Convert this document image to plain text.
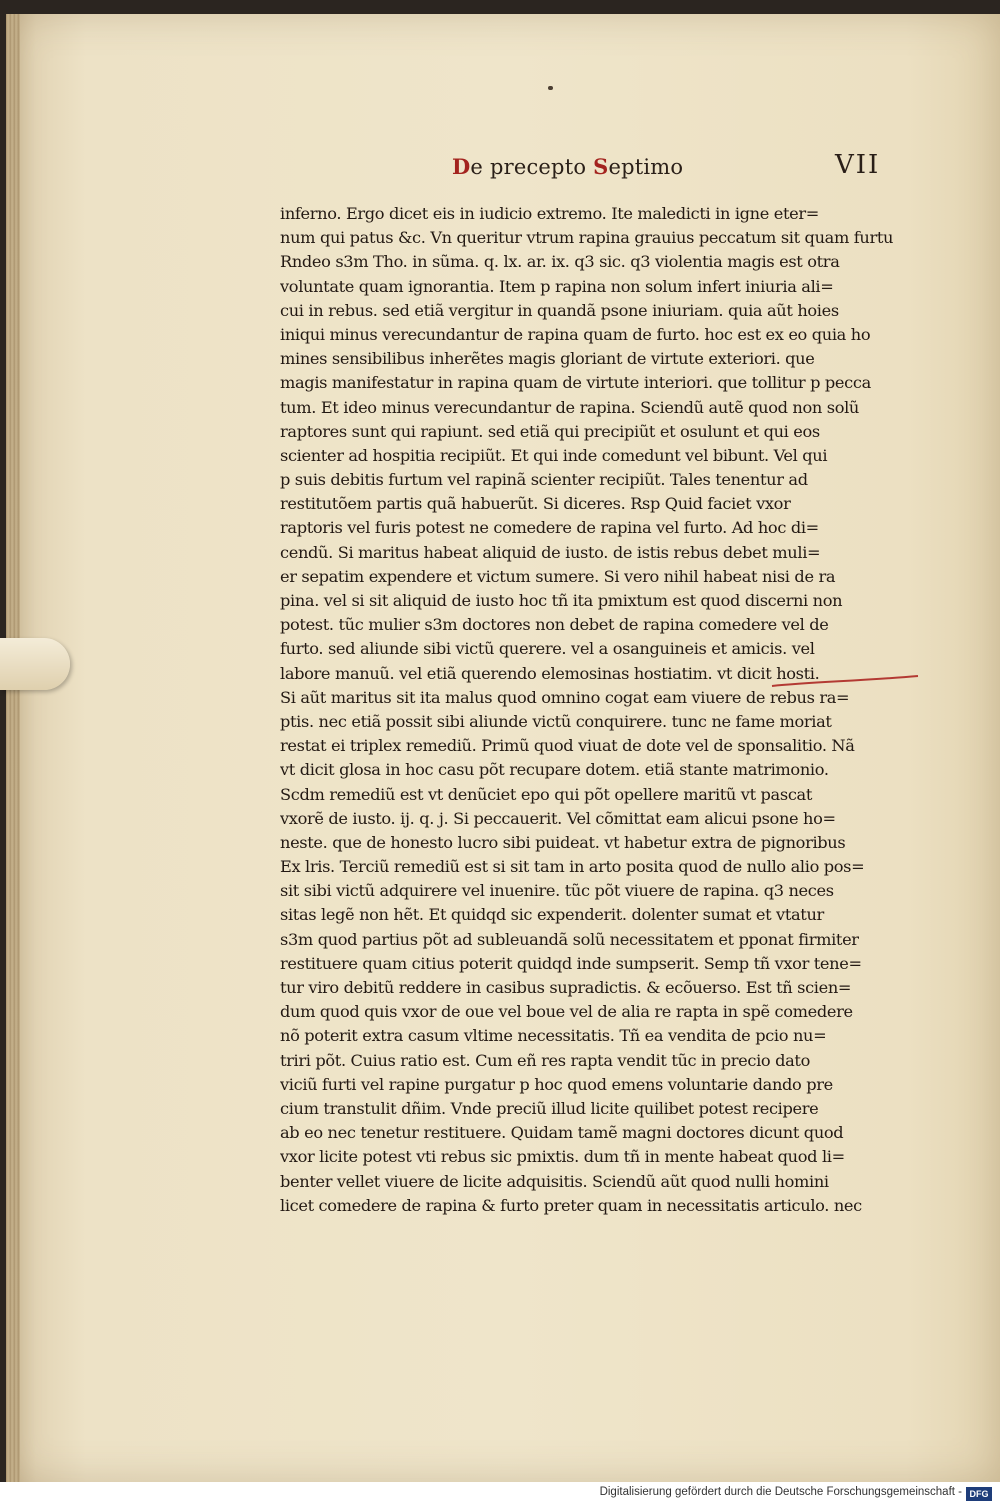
De precepto Septimo	VII
inferno. Ergo dicet eis in iudicio extremo. Ite maledicti in igne eter=
num qui patus &c. Vn queritur vtrum rapina grauius peccatum sit quam furtu
Rndeo s3m Tho. in sũma. q. lx. ar. ix. q3 sic. q3 violentia magis est otra
voluntate quam ignorantia. Item p rapina non solum infert iniuria ali=
cui in rebus. sed etiã vergitur in quandã psone iniuriam. quia aũt hoies
iniqui minus verecundantur de rapina quam de furto. hoc est ex eo quia ho
mines sensibilibus inherẽtes magis gloriant de virtute exteriori. que
magis manifestatur in rapina quam de virtute interiori. que tollitur p pecca
tum. Et ideo minus verecundantur de rapina. Sciendũ autẽ quod non solũ
raptores sunt qui rapiunt. sed etiã qui precipiũt et osulunt et qui eos
scienter ad hospitia recipiũt. Et qui inde comedunt vel bibunt. Vel qui
p suis debitis furtum vel rapinã scienter recipiũt. Tales tenentur ad
restitutõem partis quã habuerũt. Si diceres. Rsp Quid faciet vxor
raptoris vel furis potest ne comedere de rapina vel furto. Ad hoc di=
cendũ. Si maritus habeat aliquid de iusto. de istis rebus debet muli=
er sepatim expendere et victum sumere. Si vero nihil habeat nisi de ra
pina. vel si sit aliquid de iusto hoc tñ ita pmixtum est quod discerni non
potest. tũc mulier s3m doctores non debet de rapina comedere vel de
furto. sed aliunde sibi victũ querere. vel a osanguineis et amicis. vel
labore manuũ. vel etiã querendo elemosinas hostiatim. vt dicit hosti.
Si aũt maritus sit ita malus quod omnino cogat eam viuere de rebus ra=
ptis. nec etiã possit sibi aliunde victũ conquirere. tunc ne fame moriat
restat ei triplex remediũ. Primũ quod viuat de dote vel de sponsalitio. Nã
vt dicit glosa in hoc casu põt recupare dotem. etiã stante matrimonio.
Scdm remediũ est vt denũciet epo qui põt opellere maritũ vt pascat
vxorẽ de iusto. ij. q. j. Si peccauerit. Vel cõmittat eam alicui psone ho=
neste. que de honesto lucro sibi puideat. vt habetur extra de pignoribus
Ex lris. Terciũ remediũ est si sit tam in arto posita quod de nullo alio pos=
sit sibi victũ adquirere vel inuenire. tũc põt viuere de rapina. q3 neces
sitas legẽ non hẽt. Et quidqd sic expenderit. dolenter sumat et vtatur
s3m quod partius põt ad subleuandã solũ necessitatem et pponat firmiter
restituere quam citius poterit quidqd inde sumpserit. Semp tñ vxor tene=
tur viro debitũ reddere in casibus supradictis. & ecõuerso. Est tñ scien=
dum quod quis vxor de oue vel boue vel de alia re rapta in spẽ comedere
nõ poterit extra casum vltime necessitatis. Tñ ea vendita de pcio nu=
triri põt. Cuius ratio est. Cum eñ res rapta vendit tũc in precio dato
viciũ furti vel rapine purgatur p hoc quod emens voluntarie dando pre
cium transtulit dñim. Vnde preciũ illud licite quilibet potest recipere
ab eo nec tenetur restituere. Quidam tamẽ magni doctores dicunt quod
vxor licite potest vti rebus sic pmixtis. dum tñ in mente habeat quod li=
benter vellet viuere de licite adquisitis. Sciendũ aũt quod nulli homini
licet comedere de rapina & furto preter quam in necessitatis articulo. nec
Digitalisierung gefördert durch die Deutsche Forschungsgemeinschaft - DFG
